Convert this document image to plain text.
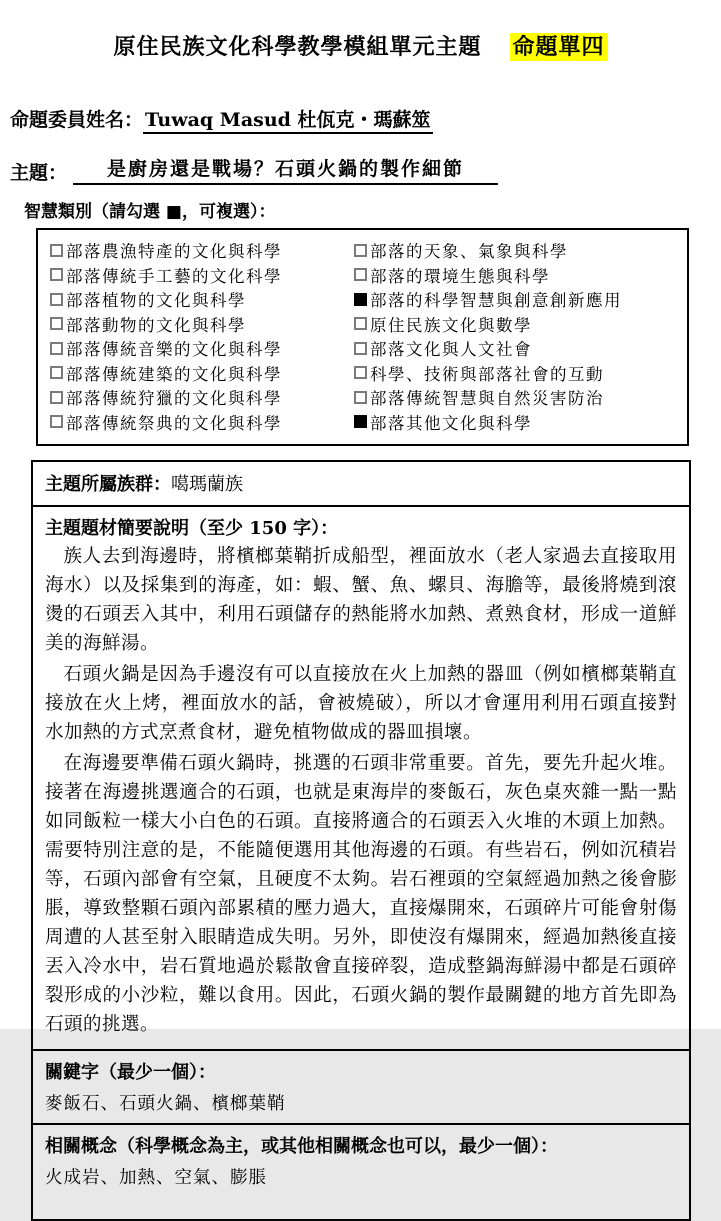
原住民族文化科學教學模組單元主題 命題單四
命題委員姓名： Tuwaq Masud 杜佤克・瑪蘇筮
主題：	是廚房還是戰場？石頭火鍋的製作細節
智慧類別（請勾選 ■，可複選）：
部落農漁特產的文化與科學
部落傳統手工藝的文化科學
部落植物的文化與科學
部落動物的文化與科學
部落傳統音樂的文化與科學
部落傳統建築的文化與科學
部落傳統狩獵的文化與科學
部落傳統祭典的文化與科學
部落的天象、氣象與科學
部落的環境生態與科學
部落的科學智慧與創意創新應用
原住民族文化與數學
部落文化與人文社會
科學、技術與部落社會的互動
部落傳統智慧與自然災害防治
部落其他文化與科學
主題所屬族群：噶瑪蘭族
主題題材簡要說明（至少 150 字）：

族人去到海邊時，將檳榔葉鞘折成船型，裡面放水（老人家過去直接取用海水）以及採集到的海產，如：蝦、蟹、魚、螺貝、海膽等，最後將燒到滾燙的石頭丟入其中，利用石頭儲存的熱能將水加熱、煮熟食材，形成一道鮮美的海鮮湯。

石頭火鍋是因為手邊沒有可以直接放在火上加熱的器皿（例如檳榔葉鞘直接放在火上烤，裡面放水的話，會被燒破），所以才會運用利用石頭直接對水加熱的方式烹煮食材，避免植物做成的器皿損壞。

在海邊要準備石頭火鍋時，挑選的石頭非常重要。首先，要先升起火堆。接著在海邊挑選適合的石頭，也就是東海岸的麥飯石，灰色桌夾雜一點一點如同飯粒一樣大小白色的石頭。直接將適合的石頭丟入火堆的木頭上加熱。需要特別注意的是，不能隨便選用其他海邊的石頭。有些岩石，例如沉積岩等，石頭內部會有空氣，且硬度不太夠。岩石裡頭的空氣經過加熱之後會膨脹，導致整顆石頭內部累積的壓力過大，直接爆開來，石頭碎片可能會射傷周遭的人甚至射入眼睛造成失明。另外，即使沒有爆開來，經過加熱後直接丟入冷水中，岩石質地過於鬆散會直接碎裂，造成整鍋海鮮湯中都是石頭碎裂形成的小沙粒，難以食用。因此，石頭火鍋的製作最關鍵的地方首先即為石頭的挑選。

關鍵字（最少一個）：
麥飯石、石頭火鍋、檳榔葉鞘
相關概念（科學概念為主，或其他相關概念也可以，最少一個）：
火成岩、加熱、空氣、膨脹
